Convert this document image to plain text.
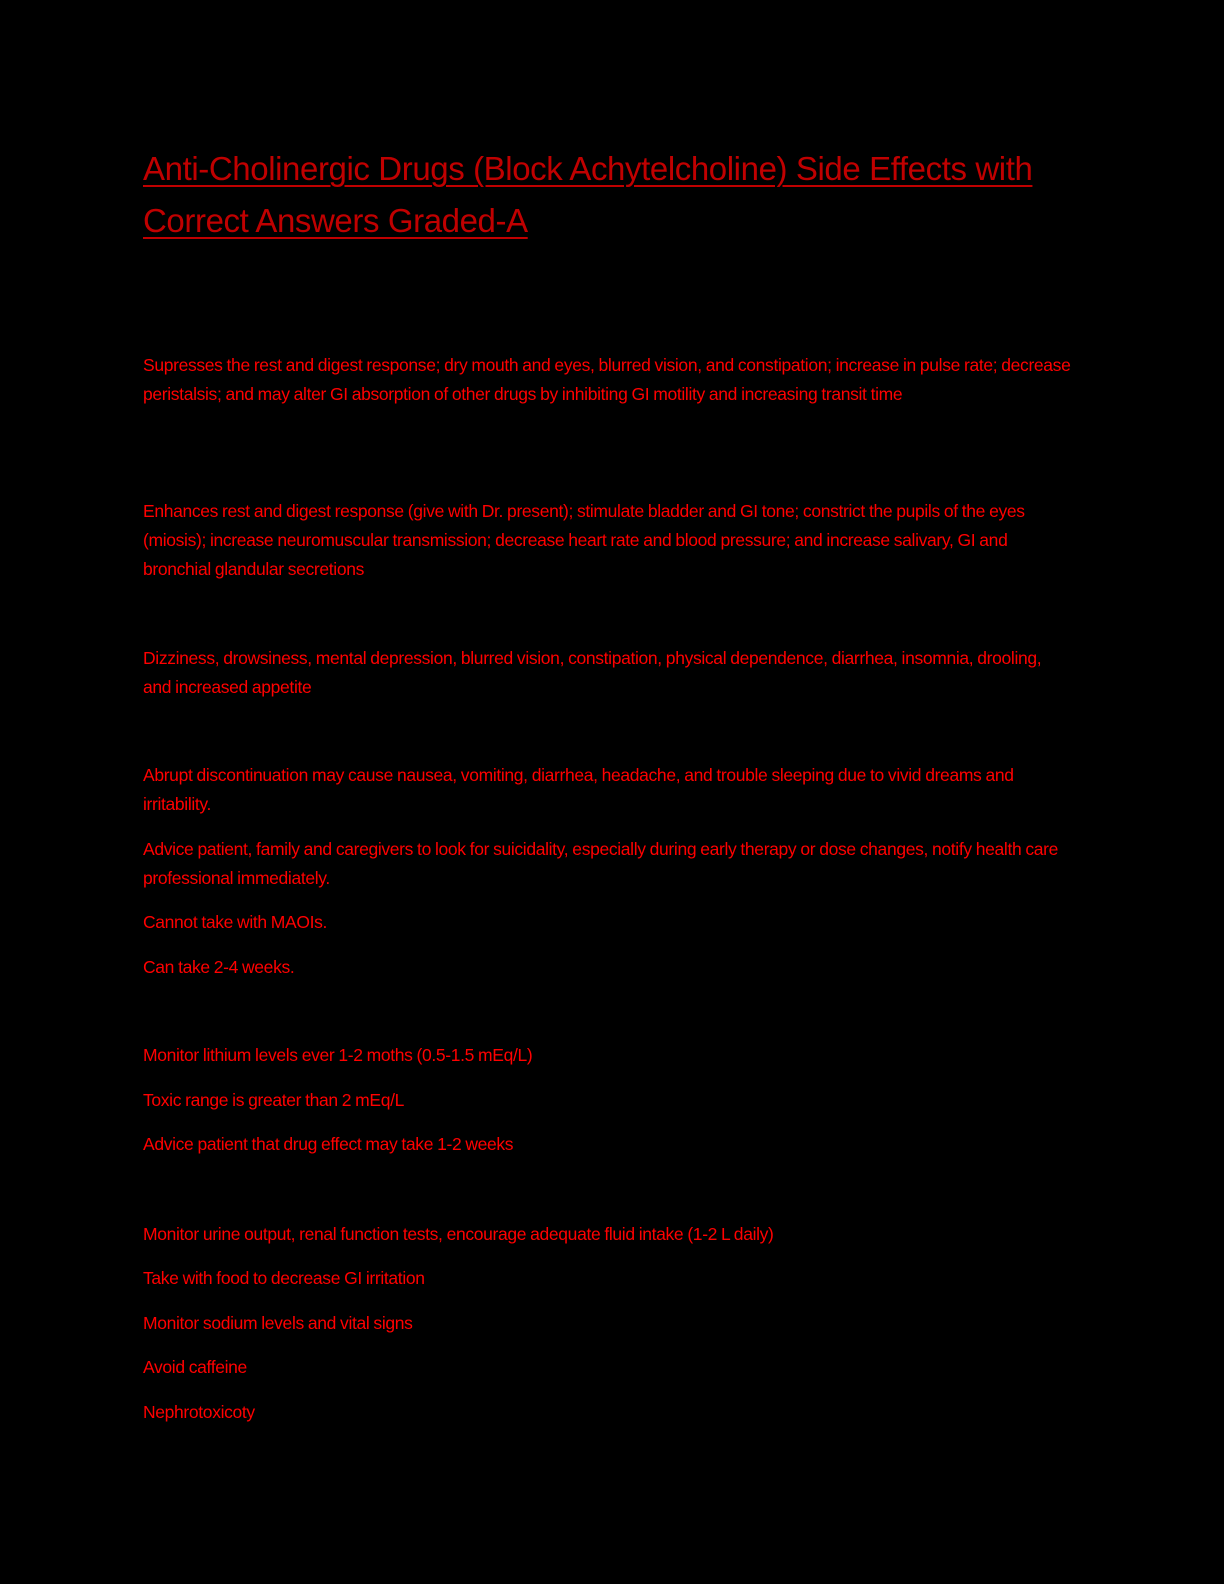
Anti-Cholinergic Drugs (Block Achytelcholine) Side Effects with Correct Answers Graded-A

Supresses the rest and digest response; dry mouth and eyes, blurred vision, and constipation; increase in pulse rate; decrease peristalsis; and may alter GI absorption of other drugs by inhibiting GI motility and increasing transit time

Enhances rest and digest response (give with Dr. present); stimulate bladder and GI tone; constrict the pupils of the eyes (miosis); increase neuromuscular transmission; decrease heart rate and blood pressure; and increase salivary, GI and bronchial glandular secretions

Dizziness, drowsiness, mental depression, blurred vision, constipation, physical dependence, diarrhea, insomnia, drooling, and increased appetite

Abrupt discontinuation may cause nausea, vomiting, diarrhea, headache, and trouble sleeping due to vivid dreams and irritability.

Advice patient, family and caregivers to look for suicidality, especially during early therapy or dose changes, notify health care professional immediately.

Cannot take with MAOIs.

Can take 2-4 weeks.

Monitor lithium levels ever 1-2 moths (0.5-1.5 mEq/L)

Toxic range is greater than 2 mEq/L

Advice patient that drug effect may take 1-2 weeks

Monitor urine output, renal function tests, encourage adequate fluid intake (1-2 L daily)

Take with food to decrease GI irritation

Monitor sodium levels and vital signs

Avoid caffeine

Nephrotoxicoty
